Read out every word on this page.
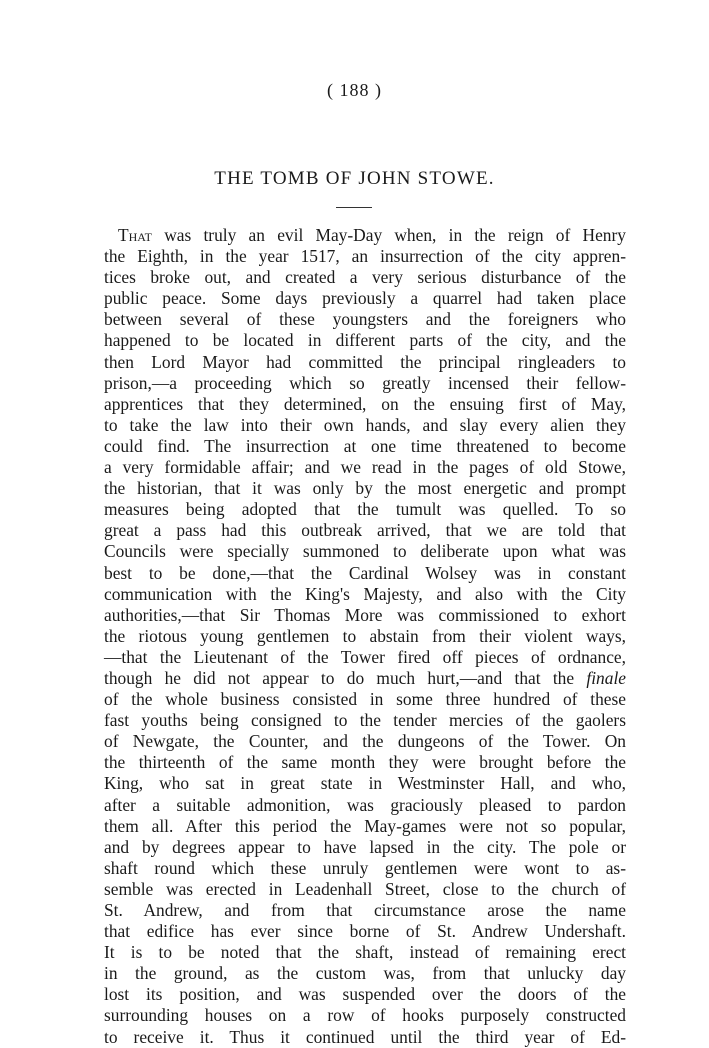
( 188 )
THE TOMB OF JOHN STOWE.
That was truly an evil May-Day when, in the reign of Henry
the Eighth, in the year 1517, an insurrection of the city appren-
tices broke out, and created a very serious disturbance of the
public peace. Some days previously a quarrel had taken place
between several of these youngsters and the foreigners who
happened to be located in different parts of the city, and the
then Lord Mayor had committed the principal ringleaders to
prison,—a proceeding which so greatly incensed their fellow-
apprentices that they determined, on the ensuing first of May,
to take the law into their own hands, and slay every alien they
could find. The insurrection at one time threatened to become
a very formidable affair; and we read in the pages of old Stowe,
the historian, that it was only by the most energetic and prompt
measures being adopted that the tumult was quelled. To so
great a pass had this outbreak arrived, that we are told that
Councils were specially summoned to deliberate upon what was
best to be done,—that the Cardinal Wolsey was in constant
communication with the King's Majesty, and also with the City
authorities,—that Sir Thomas More was commissioned to exhort
the riotous young gentlemen to abstain from their violent ways,
—that the Lieutenant of the Tower fired off pieces of ordnance,
though he did not appear to do much hurt,—and that the finale
of the whole business consisted in some three hundred of these
fast youths being consigned to the tender mercies of the gaolers
of Newgate, the Counter, and the dungeons of the Tower. On
the thirteenth of the same month they were brought before the
King, who sat in great state in Westminster Hall, and who,
after a suitable admonition, was graciously pleased to pardon
them all. After this period the May-games were not so popular,
and by degrees appear to have lapsed in the city. The pole or
shaft round which these unruly gentlemen were wont to as-
semble was erected in Leadenhall Street, close to the church of
St. Andrew, and from that circumstance arose the name
that edifice has ever since borne of St. Andrew Undershaft.
It is to be noted that the shaft, instead of remaining erect
in the ground, as the custom was, from that unlucky day
lost its position, and was suspended over the doors of the
surrounding houses on a row of hooks purposely constructed
to receive it. Thus it continued until the third year of Ed-
